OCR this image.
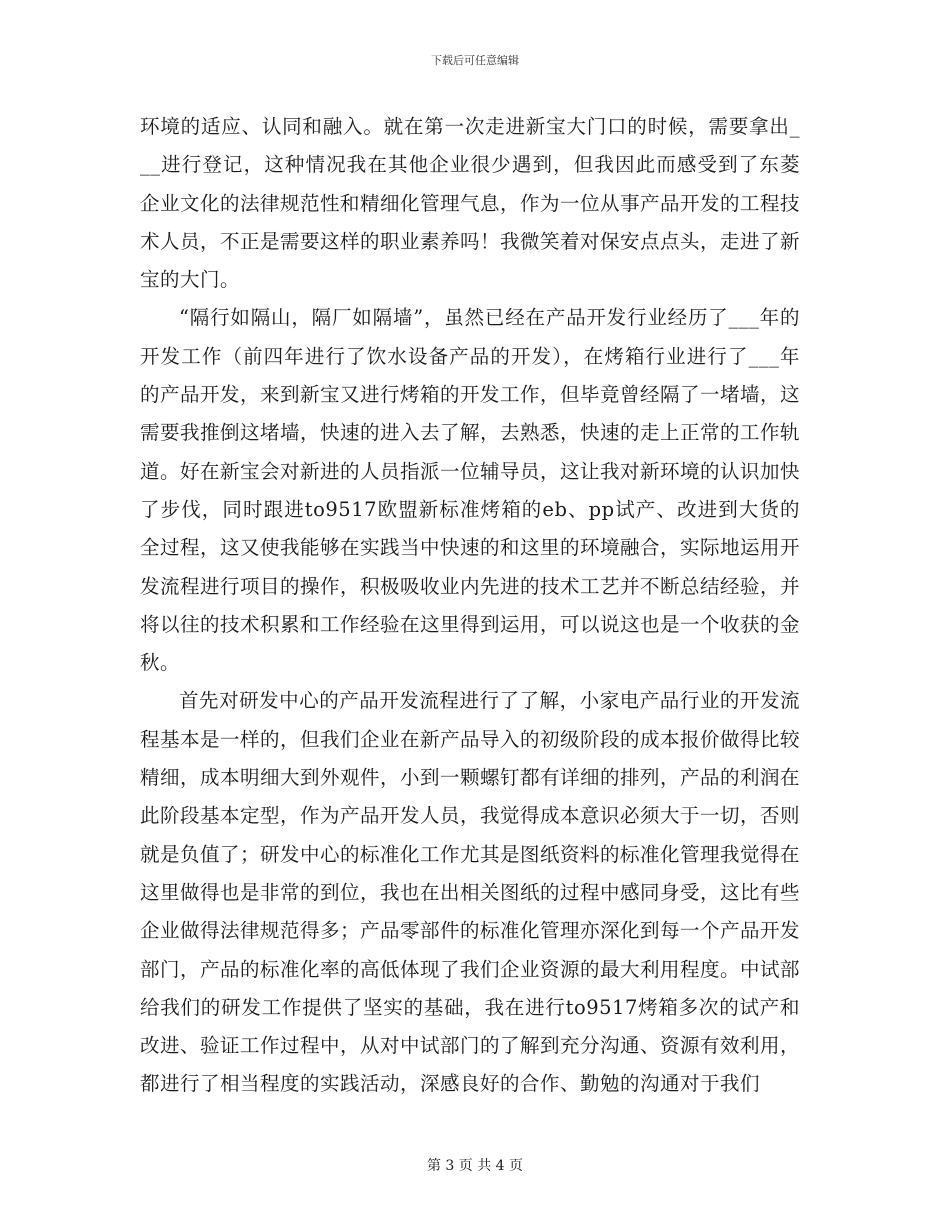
下载后可任意编辑

环境的适应、认同和融入。就在第一次走进新宝大门口的时候，需要拿出___进行登记，这种情况我在其他企业很少遇到，但我因此而感受到了东菱企业文化的法律规范性和精细化管理气息，作为一位从事产品开发的工程技术人员，不正是需要这样的职业素养吗！我微笑着对保安点点头，走进了新宝的大门。

“隔行如隔山，隔厂如隔墙”，虽然已经在产品开发行业经历了___年的开发工作（前四年进行了饮水设备产品的开发），在烤箱行业进行了___年的产品开发，来到新宝又进行烤箱的开发工作，但毕竟曾经隔了一堵墙，这需要我推倒这堵墙，快速的进入去了解，去熟悉，快速的走上正常的工作轨道。好在新宝会对新进的人员指派一位辅导员，这让我对新环境的认识加快了步伐，同时跟进to9517欧盟新标准烤箱的eb、pp试产、改进到大货的全过程，这又使我能够在实践当中快速的和这里的环境融合，实际地运用开发流程进行项目的操作，积极吸收业内先进的技术工艺并不断总结经验，并将以往的技术积累和工作经验在这里得到运用，可以说这也是一个收获的金秋。

首先对研发中心的产品开发流程进行了了解，小家电产品行业的开发流程基本是一样的，但我们企业在新产品导入的初级阶段的成本报价做得比较精细，成本明细大到外观件，小到一颗螺钉都有详细的排列，产品的利润在此阶段基本定型，作为产品开发人员，我觉得成本意识必须大于一切，否则就是负值了；研发中心的标准化工作尤其是图纸资料的标准化管理我觉得在这里做得也是非常的到位，我也在出相关图纸的过程中感同身受，这比有些企业做得法律规范得多；产品零部件的标准化管理亦深化到每一个产品开发部门，产品的标准化率的高低体现了我们企业资源的最大利用程度。中试部给我们的研发工作提供了坚实的基础，我在进行to9517烤箱多次的试产和改进、验证工作过程中，从对中试部门的了解到充分沟通、资源有效利用，都进行了相当程度的实践活动，深感良好的合作、勤勉的沟通对于我们

第 3 页 共 4 页
